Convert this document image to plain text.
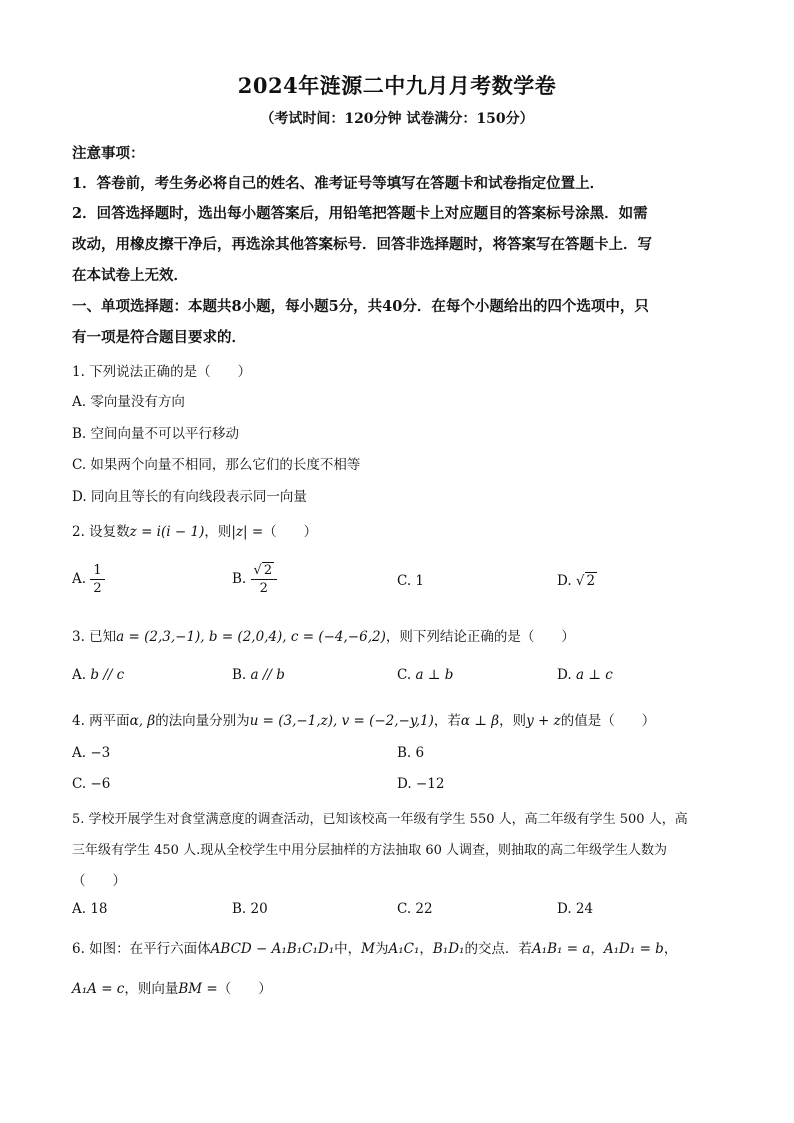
2024年涟源二中九月月考数学卷
（考试时间：120分钟 试卷满分：150分）
注意事项：
1．答卷前，考生务必将自己的姓名、准考证号等填写在答题卡和试卷指定位置上．
2．回答选择题时，选出每小题答案后，用铅笔把答题卡上对应题目的答案标号涂黑．如需
改动，用橡皮擦干净后，再选涂其他答案标号．回答非选择题时，将答案写在答题卡上．写
在本试卷上无效．
一、单项选择题：本题共8小题，每小题5分，共40分．在每个小题给出的四个选项中，只
有一项是符合题目要求的．
1. 下列说法正确的是（　　）
A. 零向量没有方向
B. 空间向量不可以平行移动
C. 如果两个向量不相同，那么它们的长度不相等
D. 同向且等长的有向线段表示同一向量
2. 设复数z = i(i − 1)，则|z| =（　　）
A. $\frac{1}{2}$	B. $\frac{√ 2}{2}$	C. 1	D. √ 2
3. 已知a = (2,3,−1), b = (2,0,4), c = (−4,−6,2)，则下列结论正确的是（　　）
A. b // c	B. a // b	C. a ⊥ b	D. a ⊥ c
4. 两平面α, β的法向量分别为u = (3,−1,z), v = (−2,−y,1)，若α ⊥ β，则y + z的值是（　　）
A. −3	B. 6
C. −6	D. −12
5. 学校开展学生对食堂满意度的调查活动，已知该校高一年级有学生 550 人，高二年级有学生 500 人，高
三年级有学生 450 人.现从全校学生中用分层抽样的方法抽取 60 人调查，则抽取的高二年级学生人数为
（　　）
A. 18	B. 20	C. 22	D. 24
6. 如图：在平行六面体ABCD − A₁B₁C₁D₁中，M为A₁C₁，B₁D₁的交点．若A₁B₁ = a，A₁D₁ = b，
A₁A = c，则向量BM =（　　）
